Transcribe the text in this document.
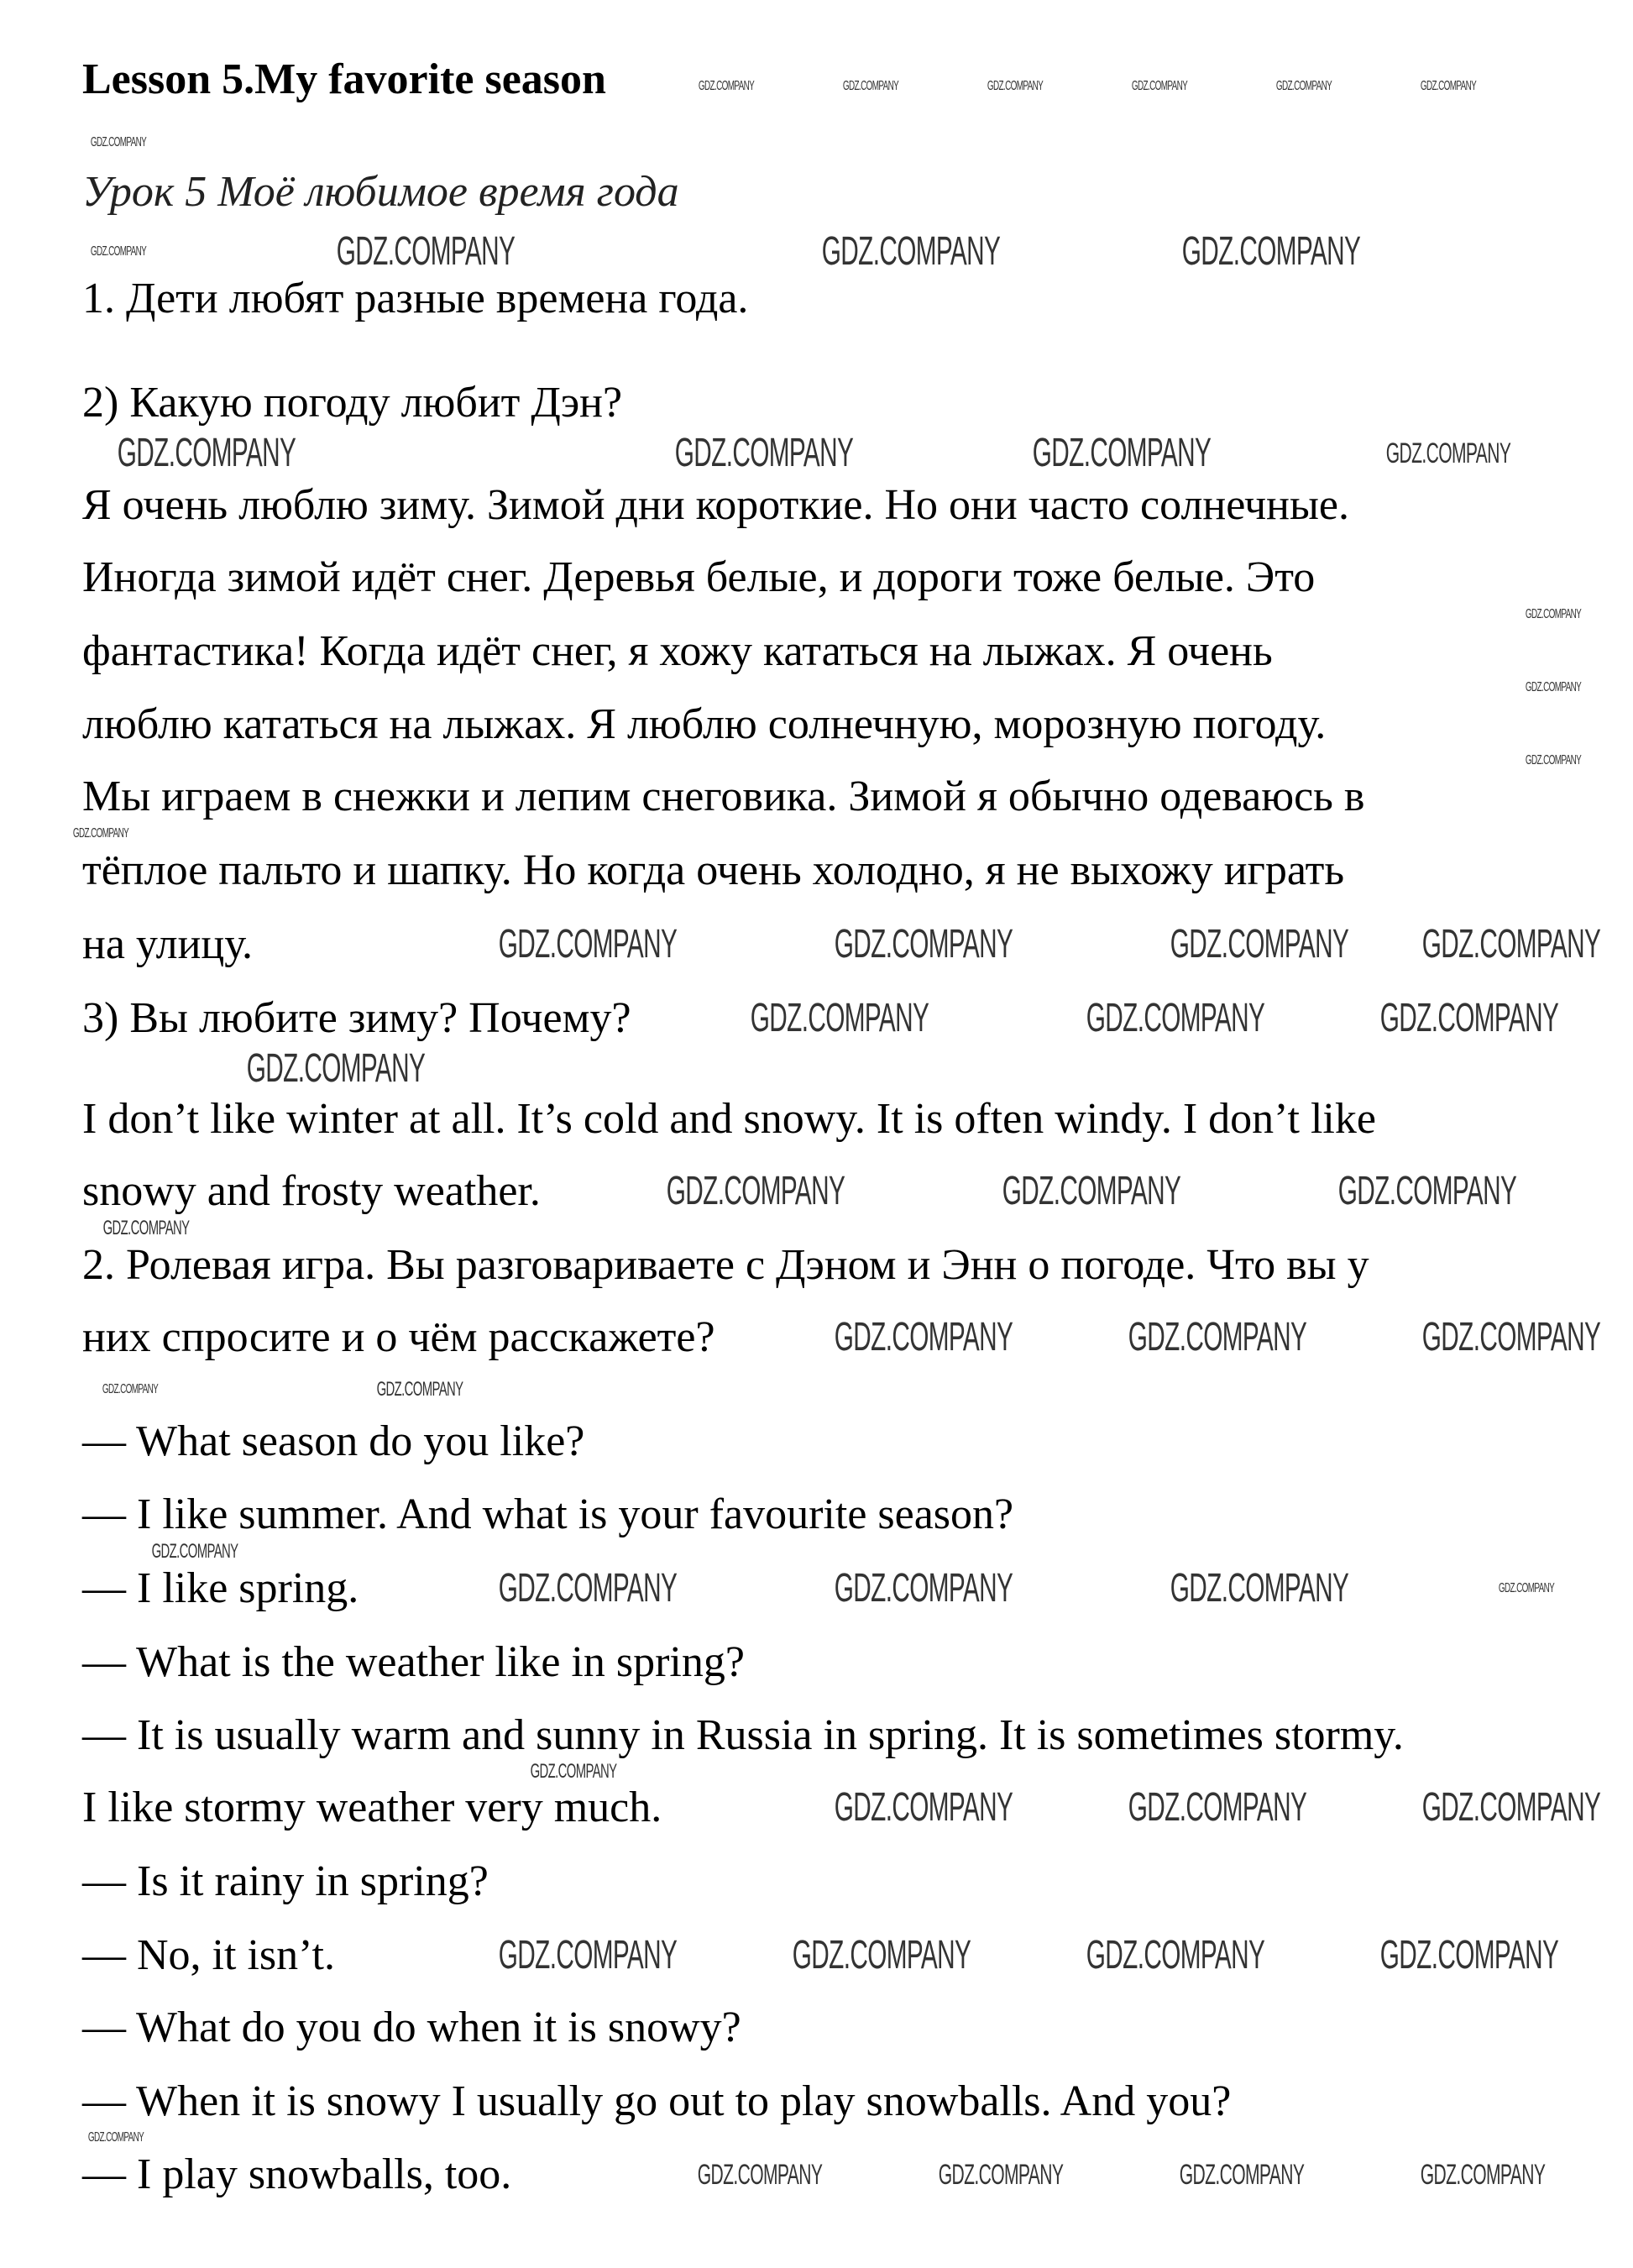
Lesson 5.My favorite season
Урок 5 Моё любимое время года
1. Дети любят разные времена года.
2) Какую погоду любит Дэн?
Я очень люблю зиму. Зимой дни короткие. Но они часто солнечные.
Иногда зимой идёт снег. Деревья белые, и дороги тоже белые. Это
фантастика! Когда идёт снег, я хожу кататься на лыжах. Я очень
люблю кататься на лыжах. Я люблю солнечную, морозную погоду.
Мы играем в снежки и лепим снеговика. Зимой я обычно одеваюсь в
тёплое пальто и шапку. Но когда очень холодно, я не выхожу играть
на улицу.
3) Вы любите зиму? Почему?
I don’t like winter at all. It’s cold and snowy. It is often windy. I don’t like
snowy and frosty weather.
2. Ролевая игра. Вы разговариваете с Дэном и Энн о погоде. Что вы у
них спросите и о чём расскажете?
— What season do you like?
— I like summer. And what is your favourite season?
— I like spring.
— What is the weather like in spring?
— It is usually warm and sunny in Russia in spring. It is sometimes stormy.
I like stormy weather very much.
— Is it rainy in spring?
— No, it isn’t.
— What do you do when it is snowy?
— When it is snowy I usually go out to play snowballs. And you?
— I play snowballs, too.
GDZ.COMPANY	GDZ.COMPANY	GDZ.COMPANY	GDZ.COMPANY	GDZ.COMPANY	GDZ.COMPANY
GDZ.COMPANY
GDZ.COMPANY	GDZ.COMPANY	GDZ.COMPANY	GDZ.COMPANY
GDZ.COMPANY	GDZ.COMPANY	GDZ.COMPANY	GDZ.COMPANY
GDZ.COMPANY
GDZ.COMPANY
GDZ.COMPANY
GDZ.COMPANY
GDZ.COMPANY	GDZ.COMPANY	GDZ.COMPANY GDZ.COMPANY
GDZ.COMPANY	GDZ.COMPANY	GDZ.COMPANY
GDZ.COMPANY
GDZ.COMPANY	GDZ.COMPANY	GDZ.COMPANY
GDZ.COMPANY
GDZ.COMPANY
GDZ.COMPANY	GDZ.COMPANY	GDZ.COMPANY
GDZ.COMPANY
GDZ.COMPANY
GDZ.COMPANY	GDZ.COMPANY	GDZ.COMPANY	GDZ.COMPANY
GDZ.COMPANY
GDZ.COMPANY
GDZ.COMPANY	GDZ.COMPANY
GDZ.COMPANY	GDZ.COMPANY	GDZ.COMPANY	GDZ.COMPANY
GDZ.COMPANY
GDZ.COMPANY	GDZ.COMPANY	GDZ.COMPANY	GDZ.COMPANY
